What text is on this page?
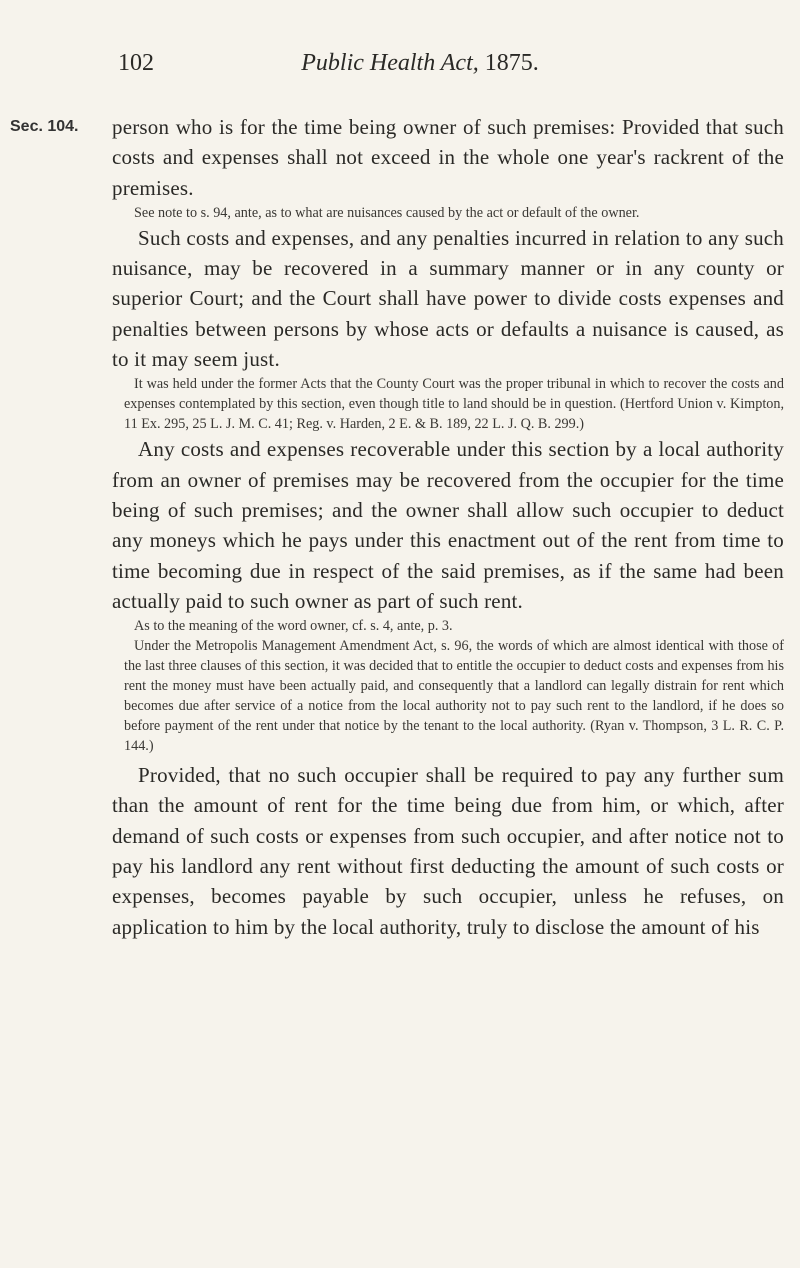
102	Public Health Act, 1875.
Sec. 104. person who is for the time being owner of such premises: Provided that such costs and expenses shall not exceed in the whole one year's rackrent of the premises.

See note to s. 94, ante, as to what are nuisances caused by the act or default of the owner.

Such costs and expenses, and any penalties incurred in relation to any such nuisance, may be recovered in a summary manner or in any county or superior Court; and the Court shall have power to divide costs expenses and penalties between persons by whose acts or defaults a nuisance is caused, as to it may seem just.

It was held under the former Acts that the County Court was the proper tribunal in which to recover the costs and expenses contemplated by this section, even though title to land should be in question. (Hertford Union v. Kimpton, 11 Ex. 295, 25 L. J. M. C. 41; Reg. v. Harden, 2 E. & B. 189, 22 L. J. Q. B. 299.)

Any costs and expenses recoverable under this section by a local authority from an owner of premises may be recovered from the occupier for the time being of such premises; and the owner shall allow such occupier to deduct any moneys which he pays under this enactment out of the rent from time to time becoming due in respect of the said premises, as if the same had been actually paid to such owner as part of such rent.

As to the meaning of the word owner, cf. s. 4, ante, p. 3.

Under the Metropolis Management Amendment Act, s. 96, the words of which are almost identical with those of the last three clauses of this section, it was decided that to entitle the occupier to deduct costs and expenses from his rent the money must have been actually paid, and consequently that a landlord can legally distrain for rent which becomes due after service of a notice from the local authority not to pay such rent to the landlord, if he does so before payment of the rent under that notice by the tenant to the local authority. (Ryan v. Thompson, 3 L. R. C. P. 144.)

Provided, that no such occupier shall be required to pay any further sum than the amount of rent for the time being due from him, or which, after demand of such costs or expenses from such occupier, and after notice not to pay his landlord any rent without first deducting the amount of such costs or expenses, becomes payable by such occupier, unless he refuses, on application to him by the local authority, truly to disclose the amount of his
